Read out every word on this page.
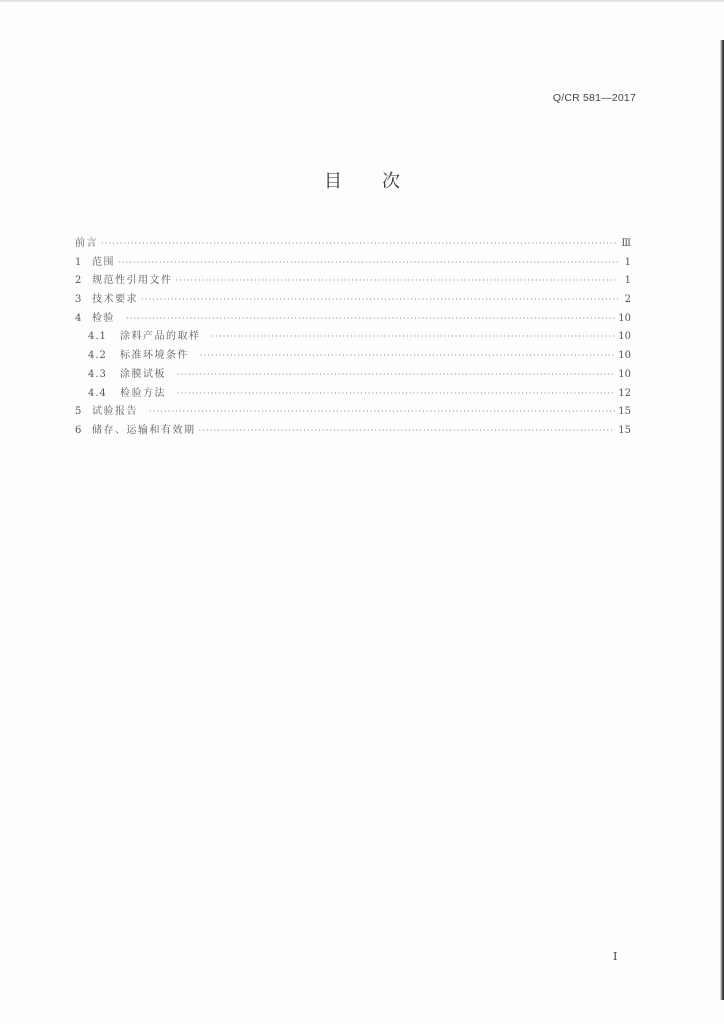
Q/CR 581—2017
目次
前言 ·····	Ⅲ
1	范围 ·····	1
2	规范性引用文件 ·····	1
3	技术要求 ·····	2
4	检验 ·····	10
4.1	涂料产品的取样 ·····	10
4.2	标准环境条件 ·····	10
4.3	涂膜试板 ·····	10
4.4	检验方法 ·····	12
5	试验报告 ·····	15
6	储存、运输和有效期 ·····	15
I
